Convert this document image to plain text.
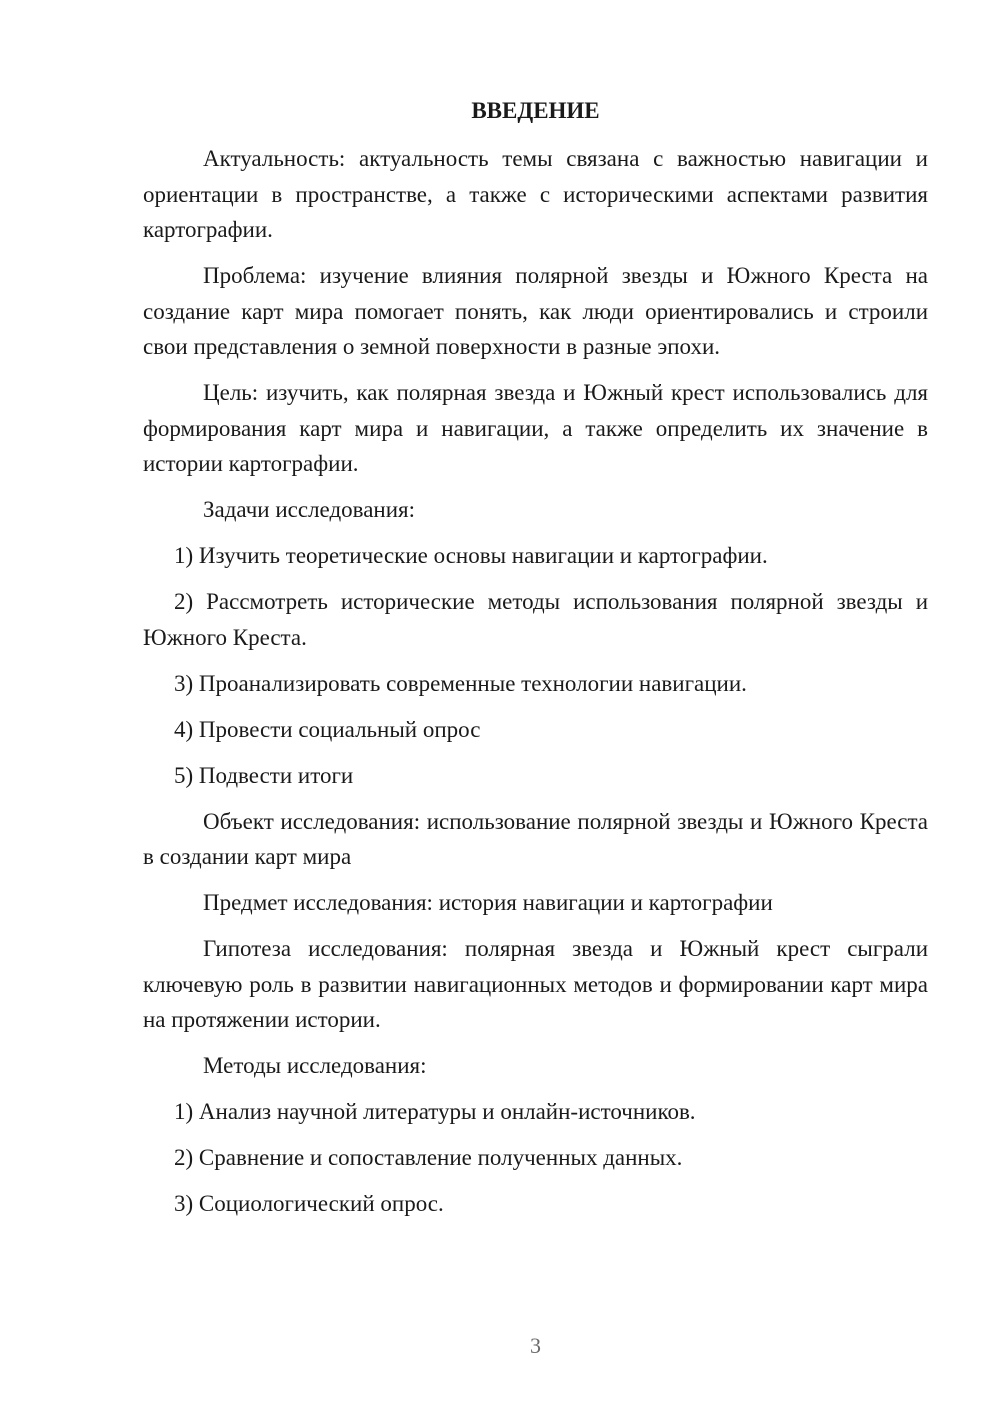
ВВЕДЕНИЕ

Актуальность: актуальность темы связана с важностью навигации и ориентации в пространстве, а также с историческими аспектами развития картографии.

Проблема: изучение влияния полярной звезды и Южного Креста на создание карт мира помогает понять, как люди ориентировались и строили свои представления о земной поверхности в разные эпохи.

Цель: изучить, как полярная звезда и Южный крест использовались для формирования карт мира и навигации, а также определить их значение в истории картографии.

Задачи исследования:

1) Изучить теоретические основы навигации и картографии.

2) Рассмотреть исторические методы использования полярной звезды и Южного Креста.

3) Проанализировать современные технологии навигации.

4) Провести социальный опрос

5) Подвести итоги

Объект исследования: использование полярной звезды и Южного Креста в создании карт мира

Предмет исследования: история навигации и картографии

Гипотеза исследования: полярная звезда и Южный крест сыграли ключевую роль в развитии навигационных методов и формировании карт мира на протяжении истории.

Методы исследования:

1) Анализ научной литературы и онлайн-источников.

2) Сравнение и сопоставление полученных данных.

3) Социологический опрос.

3
